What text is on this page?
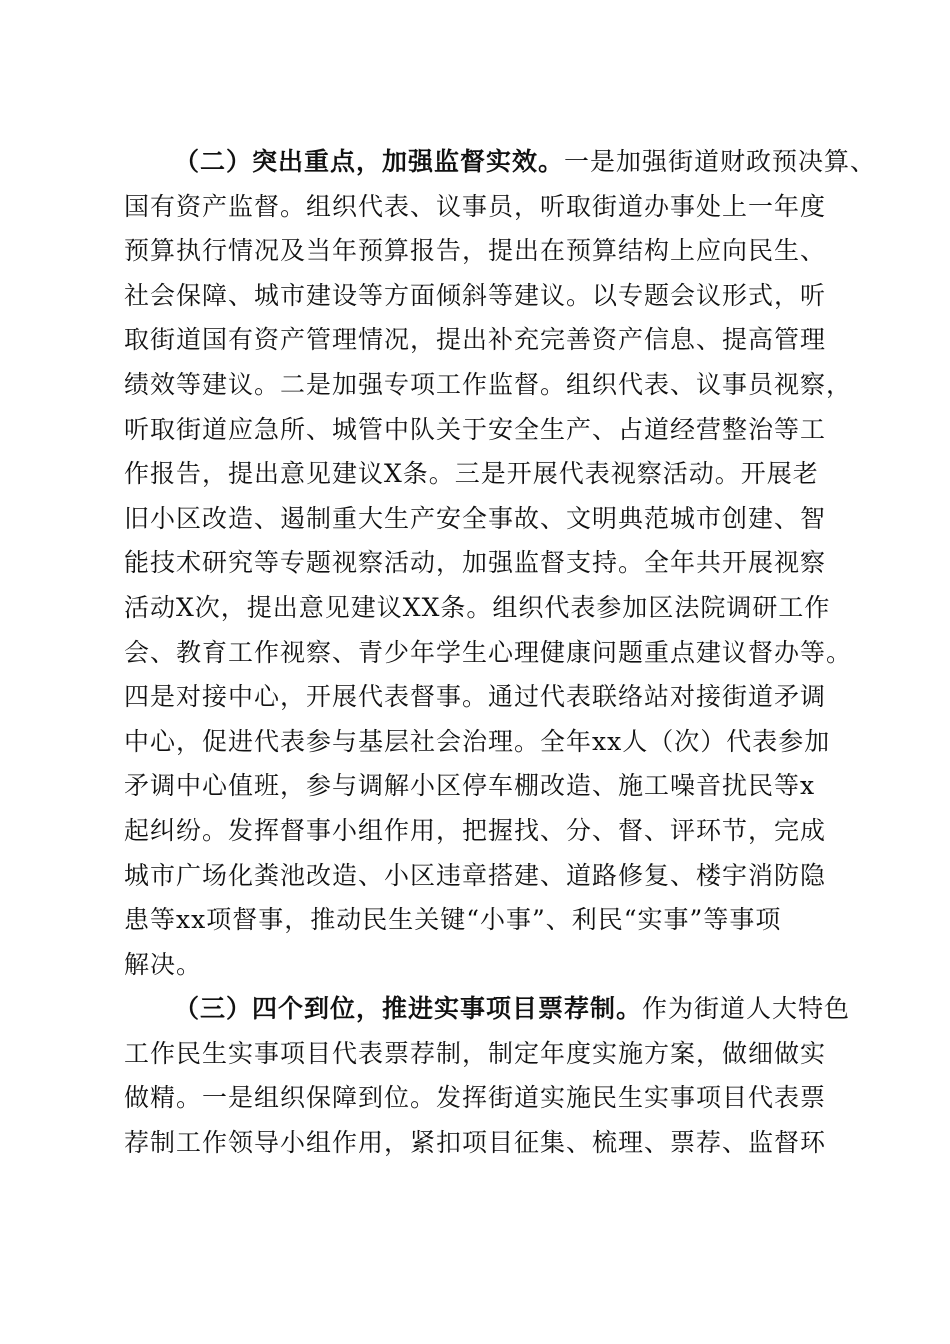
（二）突出重点，加强监督实效。一是加强街道财政预决算、
国有资产监督。组织代表、议事员，听取街道办事处上一年度
预算执行情况及当年预算报告，提出在预算结构上应向民生、
社会保障、城市建设等方面倾斜等建议。以专题会议形式，听
取街道国有资产管理情况，提出补充完善资产信息、提高管理
绩效等建议。二是加强专项工作监督。组织代表、议事员视察，
听取街道应急所、城管中队关于安全生产、占道经营整治等工
作报告，提出意见建议X条。三是开展代表视察活动。开展老
旧小区改造、遏制重大生产安全事故、文明典范城市创建、智
能技术研究等专题视察活动，加强监督支持。全年共开展视察
活动X次，提出意见建议XX条。组织代表参加区法院调研工作
会、教育工作视察、青少年学生心理健康问题重点建议督办等。
四是对接中心，开展代表督事。通过代表联络站对接街道矛调
中心，促进代表参与基层社会治理。全年xx人（次）代表参加
矛调中心值班，参与调解小区停车棚改造、施工噪音扰民等x
起纠纷。发挥督事小组作用，把握找、分、督、评环节，完成
城市广场化粪池改造、小区违章搭建、道路修复、楼宇消防隐
患等xx项督事，推动民生关键“小事”、利民“实事”等事项
解决。
（三）四个到位，推进实事项目票荐制。作为街道人大特色
工作民生实事项目代表票荐制，制定年度实施方案，做细做实
做精。一是组织保障到位。发挥街道实施民生实事项目代表票
荐制工作领导小组作用，紧扣项目征集、梳理、票荐、监督环
